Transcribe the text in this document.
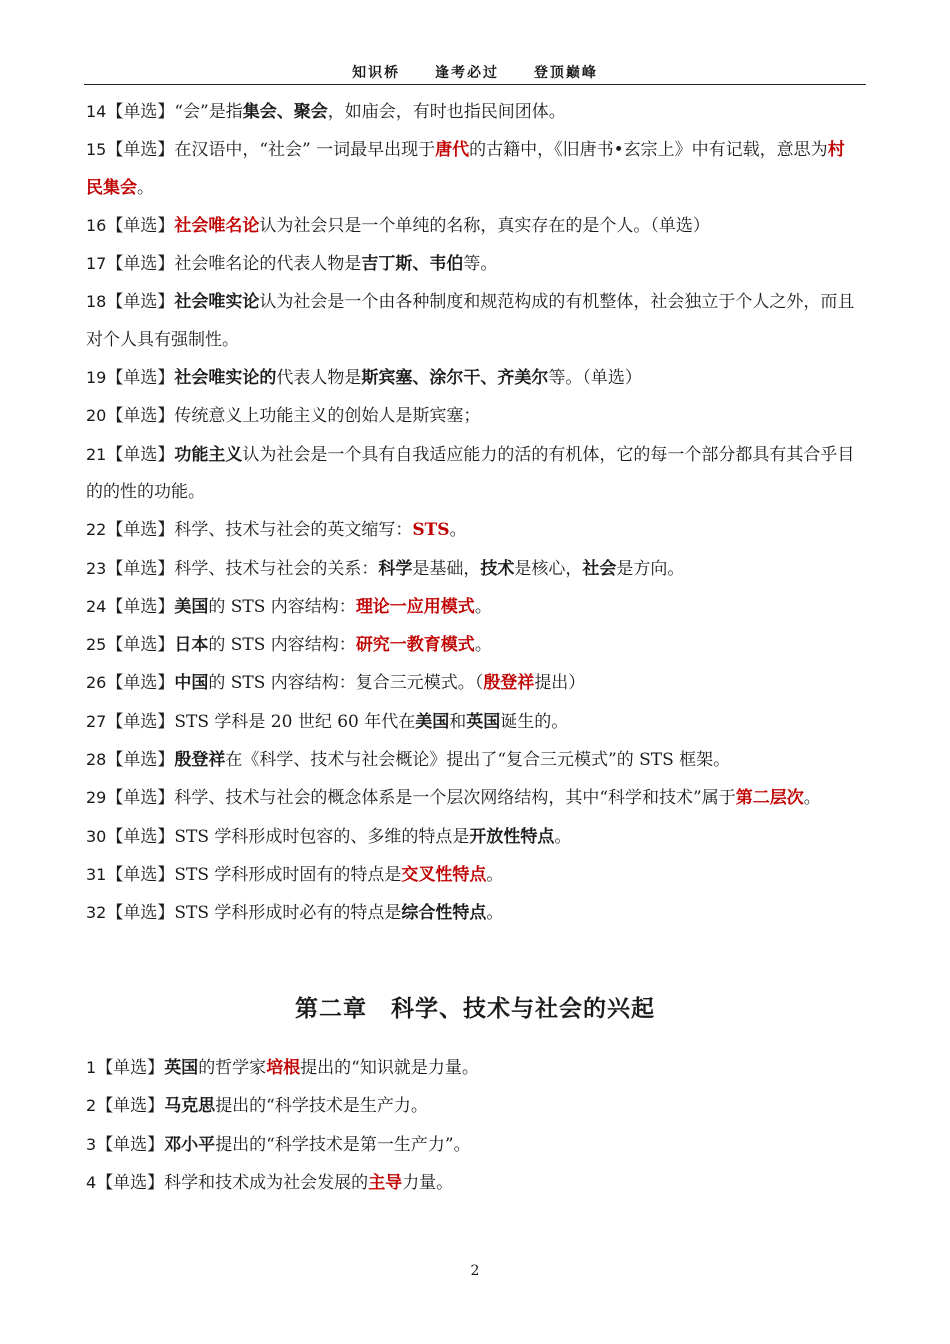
知识桥 逢考必过 登顶巅峰

14【单选】“会”是指集会、聚会，如庙会，有时也指民间团体。

15【单选】在汉语中，“社会” 一词最早出现于唐代的古籍中，《旧唐书•玄宗上》中有记载，意思为村民集会。

16【单选】社会唯名论认为社会只是一个单纯的名称，真实存在的是个人。（单选）

17【单选】社会唯名论的代表人物是吉丁斯、韦伯等。

18【单选】社会唯实论认为社会是一个由各种制度和规范构成的有机整体，社会独立于个人之外，而且对个人具有强制性。

19【单选】社会唯实论的代表人物是斯宾塞、涂尔干、齐美尔等。（单选）

20【单选】传统意义上功能主义的创始人是斯宾塞；

21【单选】功能主义认为社会是一个具有自我适应能力的活的有机体，它的每一个部分都具有其合乎目的的性的功能。

22【单选】科学、技术与社会的英文缩写：STS。

23【单选】科学、技术与社会的关系：科学是基础，技术是核心，社会是方向。

24【单选】美国的 STS 内容结构：理论一应用模式。

25【单选】日本的 STS 内容结构：研究一教育模式。

26【单选】中国的 STS 内容结构：复合三元模式。（殷登祥提出）

27【单选】STS 学科是 20 世纪 60 年代在美国和英国诞生的。

28【单选】殷登祥在《科学、技术与社会概论》提出了“复合三元模式”的 STS 框架。

29【单选】科学、技术与社会的概念体系是一个层次网络结构，其中“科学和技术”属于第二层次。

30【单选】STS 学科形成时包容的、多维的特点是开放性特点。

31【单选】STS 学科形成时固有的特点是交叉性特点。

32【单选】STS 学科形成时必有的特点是综合性特点。

第二章　科学、技术与社会的兴起

1【单选】英国的哲学家培根提出的“知识就是力量。

2【单选】马克思提出的“科学技术是生产力。

3【单选】邓小平提出的“科学技术是第一生产力”。

4【单选】科学和技术成为社会发展的主导力量。

2
